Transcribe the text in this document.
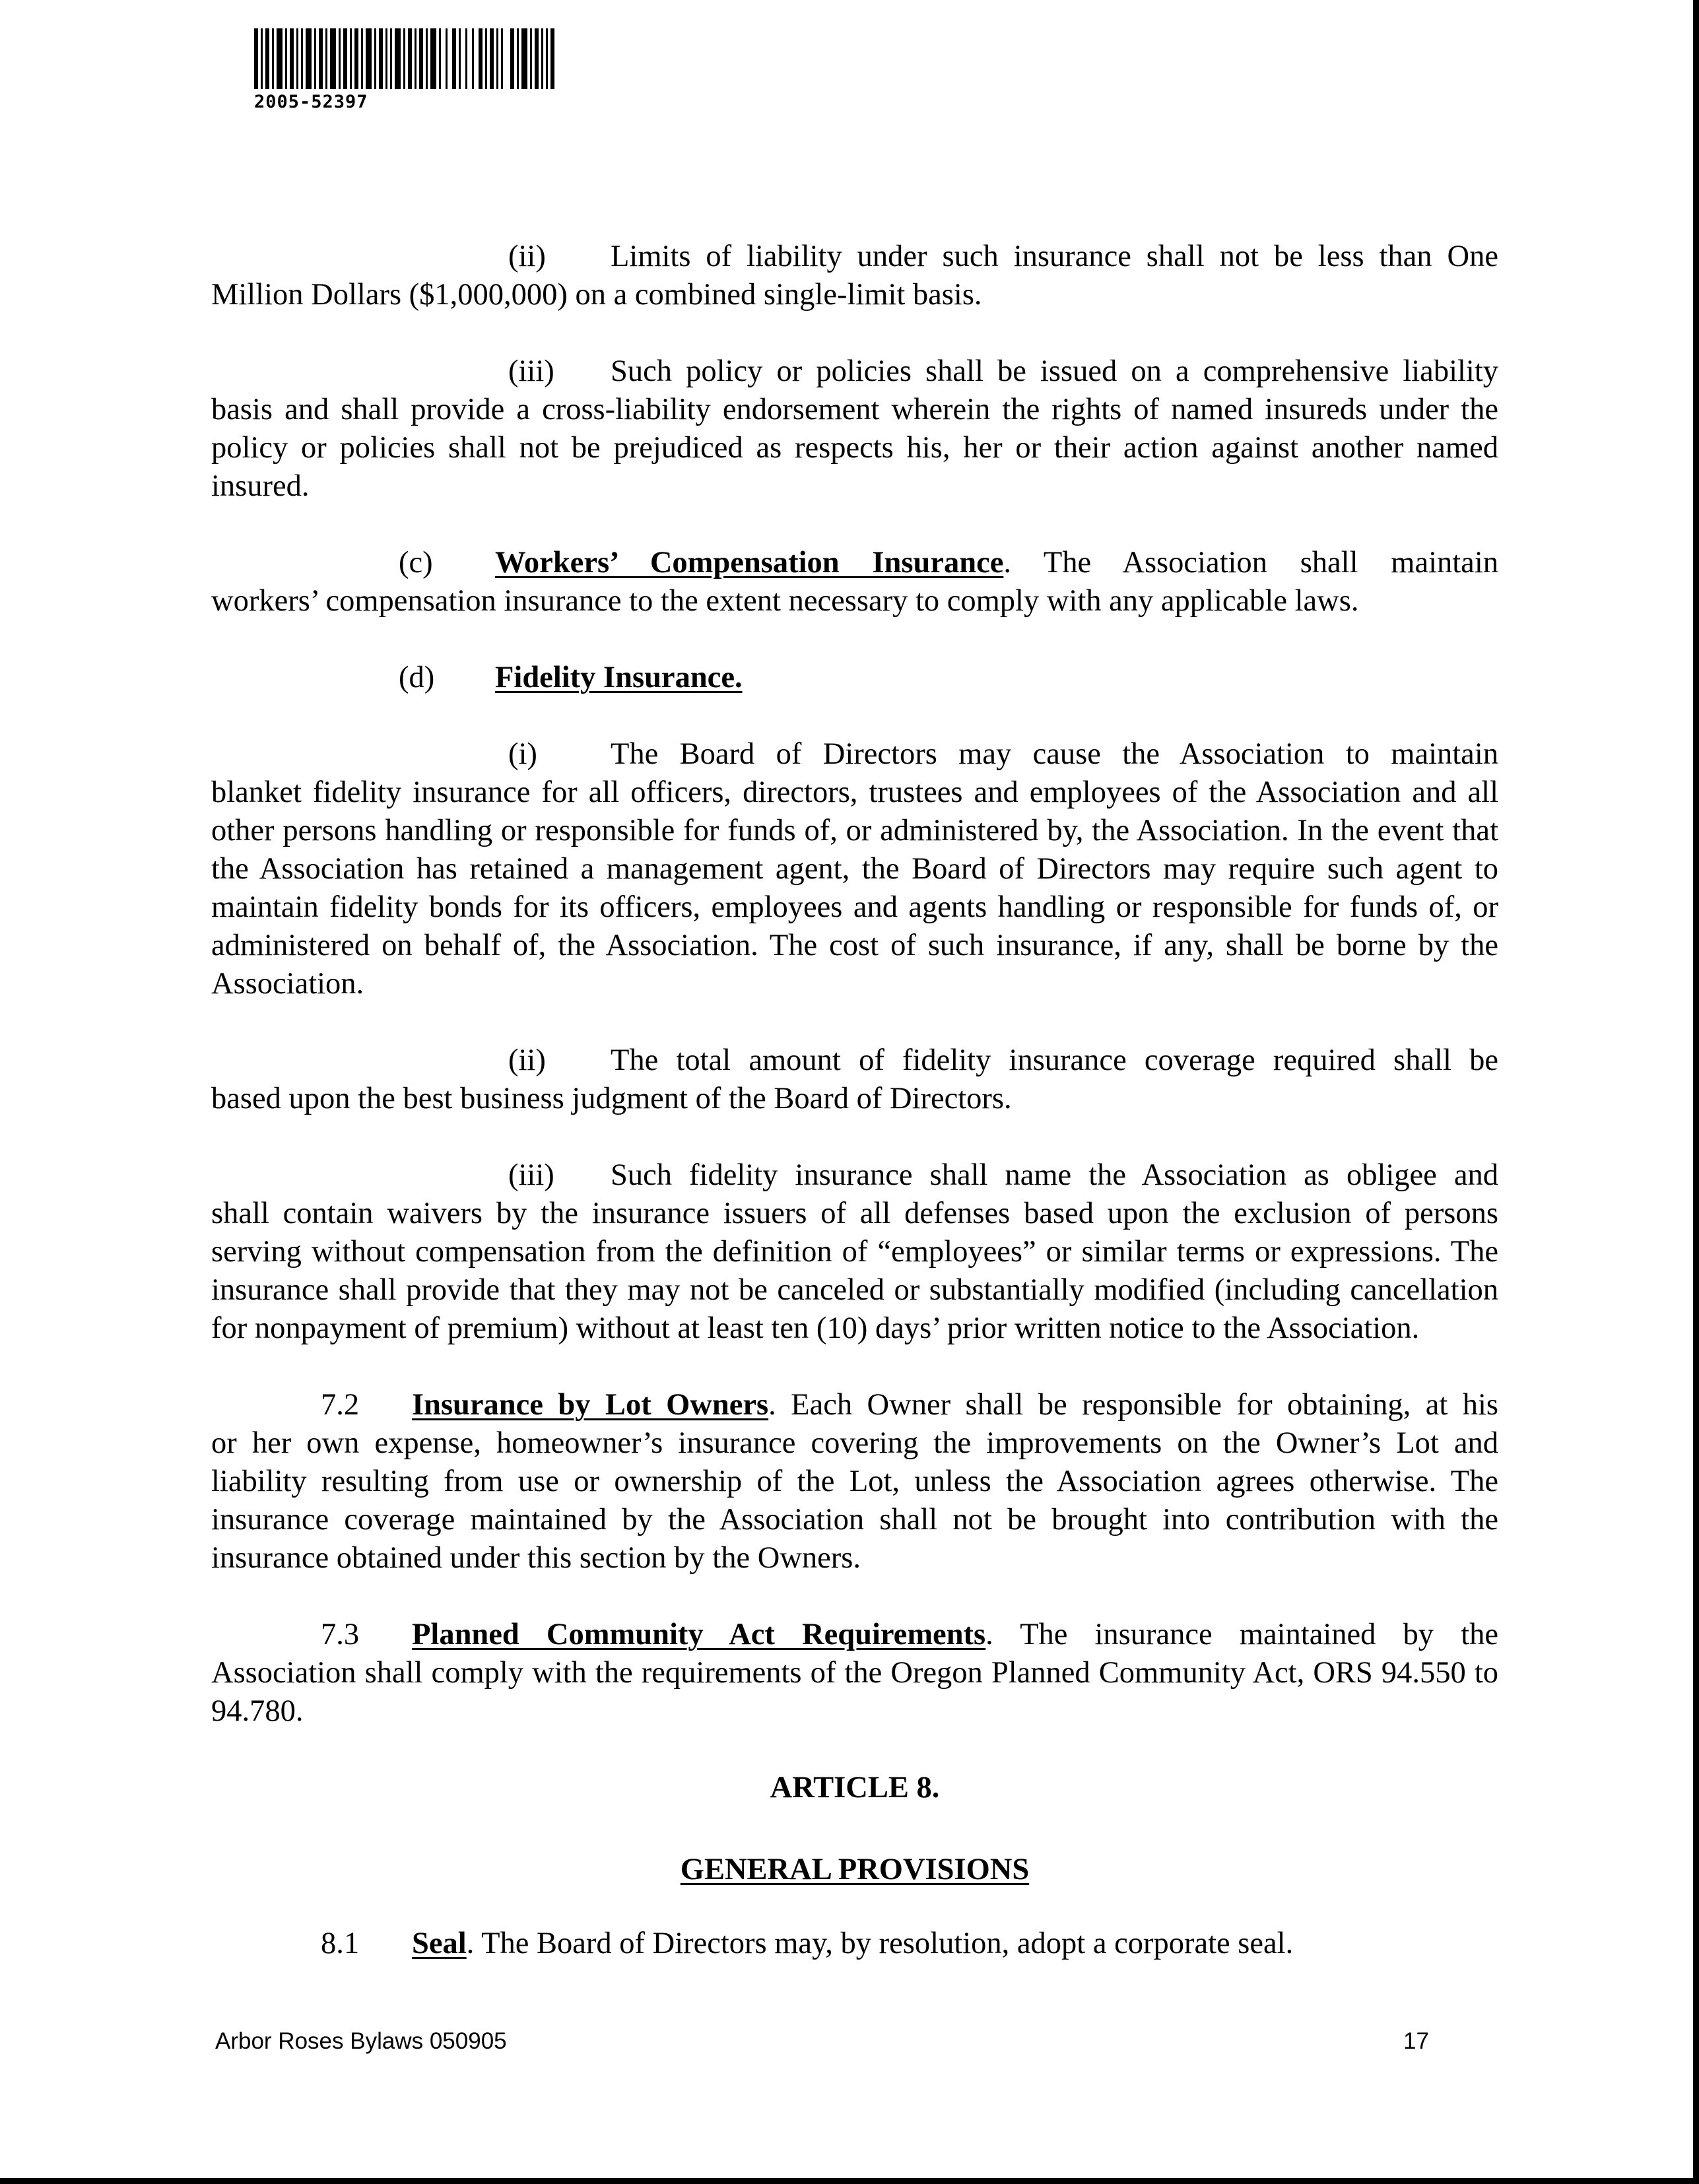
2005-52397
(ii) Limits of liability under such insurance shall not be less than One
Million Dollars ($1,000,000) on a combined single-limit basis.
(iii) Such policy or policies shall be issued on a comprehensive liability
basis and shall provide a cross-liability endorsement wherein the rights of named insureds under the policy or policies shall not be prejudiced as respects his, her or their action against another named insured.
(c) Workers’ Compensation Insurance. The Association shall maintain
workers’ compensation insurance to the extent necessary to comply with any applicable laws.
(d) Fidelity Insurance.
(i) The Board of Directors may cause the Association to maintain
blanket fidelity insurance for all officers, directors, trustees and employees of the Association and all other persons handling or responsible for funds of, or administered by, the Association. In the event that the Association has retained a management agent, the Board of Directors may require such agent to maintain fidelity bonds for its officers, employees and agents handling or responsible for funds of, or administered on behalf of, the Association. The cost of such insurance, if any, shall be borne by the Association.
(ii) The total amount of fidelity insurance coverage required shall be
based upon the best business judgment of the Board of Directors.
(iii) Such fidelity insurance shall name the Association as obligee and
shall contain waivers by the insurance issuers of all defenses based upon the exclusion of persons serving without compensation from the definition of “employees” or similar terms or expressions. The insurance shall provide that they may not be canceled or substantially modified (including cancellation for nonpayment of premium) without at least ten (10) days’ prior written notice to the Association.
7.2 Insurance by Lot Owners. Each Owner shall be responsible for obtaining, at his
or her own expense, homeowner’s insurance covering the improvements on the Owner’s Lot and liability resulting from use or ownership of the Lot, unless the Association agrees otherwise. The insurance coverage maintained by the Association shall not be brought into contribution with the insurance obtained under this section by the Owners.
7.3 Planned Community Act Requirements. The insurance maintained by the
Association shall comply with the requirements of the Oregon Planned Community Act, ORS 94.550 to 94.780.
ARTICLE 8.
GENERAL PROVISIONS
8.1 Seal. The Board of Directors may, by resolution, adopt a corporate seal.
Arbor Roses Bylaws 050905	17
